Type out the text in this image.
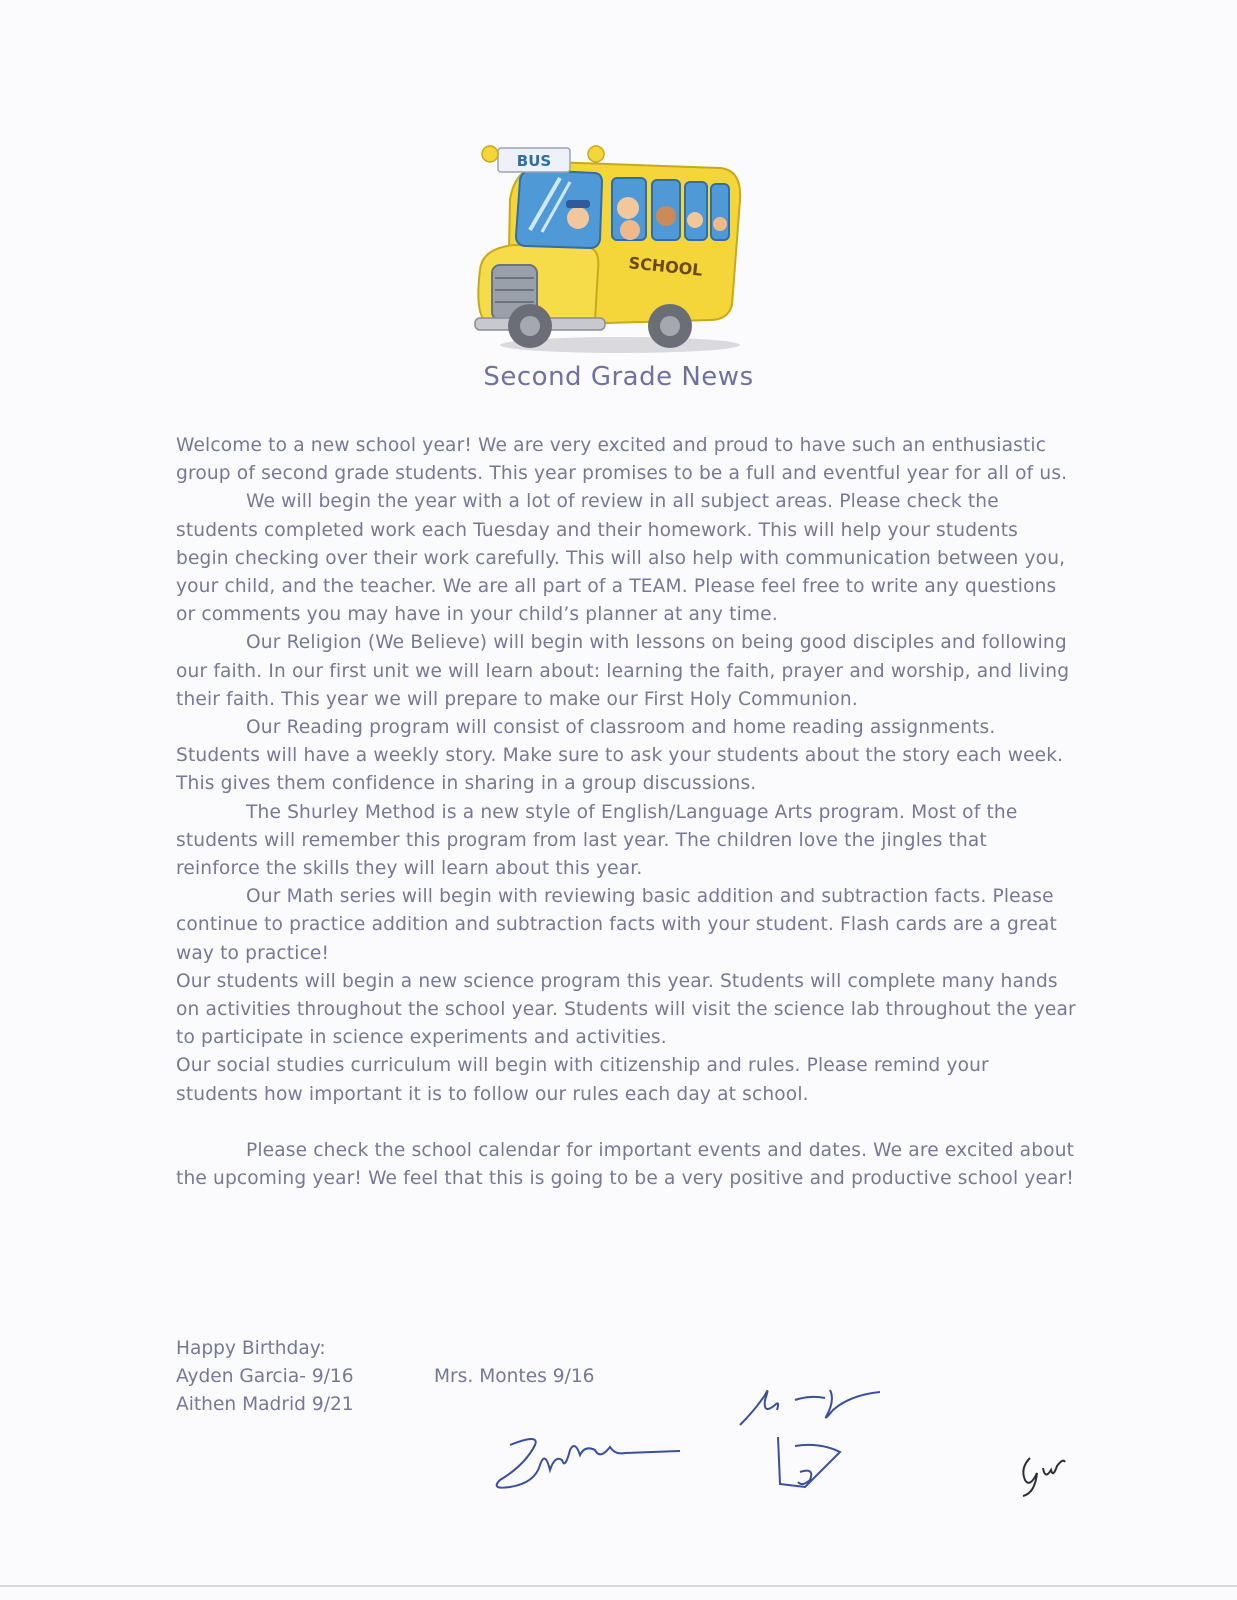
BUS
SCHOOL
Second Grade News

Welcome to a new school year! We are very excited and proud to have such an enthusiastic group of second grade students. This year promises to be a full and eventful year for all of us.

We will begin the year with a lot of review in all subject areas. Please check the students completed work each Tuesday and their homework. This will help your students begin checking over their work carefully. This will also help with communication between you, your child, and the teacher. We are all part of a TEAM. Please feel free to write any questions or comments you may have in your child’s planner at any time.

Our Religion (We Believe) will begin with lessons on being good disciples and following our faith. In our first unit we will learn about: learning the faith, prayer and worship, and living their faith. This year we will prepare to make our First Holy Communion.

Our Reading program will consist of classroom and home reading assignments. Students will have a weekly story. Make sure to ask your students about the story each week. This gives them confidence in sharing in a group discussions.

The Shurley Method is a new style of English/Language Arts program. Most of the students will remember this program from last year. The children love the jingles that reinforce the skills they will learn about this year.

Our Math series will begin with reviewing basic addition and subtraction facts. Please continue to practice addition and subtraction facts with your student. Flash cards are a great way to practice!

Our students will begin a new science program this year. Students will complete many hands on activities throughout the school year. Students will visit the science lab throughout the year to participate in science experiments and activities.

Our social studies curriculum will begin with citizenship and rules. Please remind your students how important it is to follow our rules each day at school.

Please check the school calendar for important events and dates. We are excited about the upcoming year! We feel that this is going to be a very positive and productive school year!

Happy Birthday:
Ayden Garcia- 9/16
Aithen Madrid 9/21
Mrs. Montes 9/16
